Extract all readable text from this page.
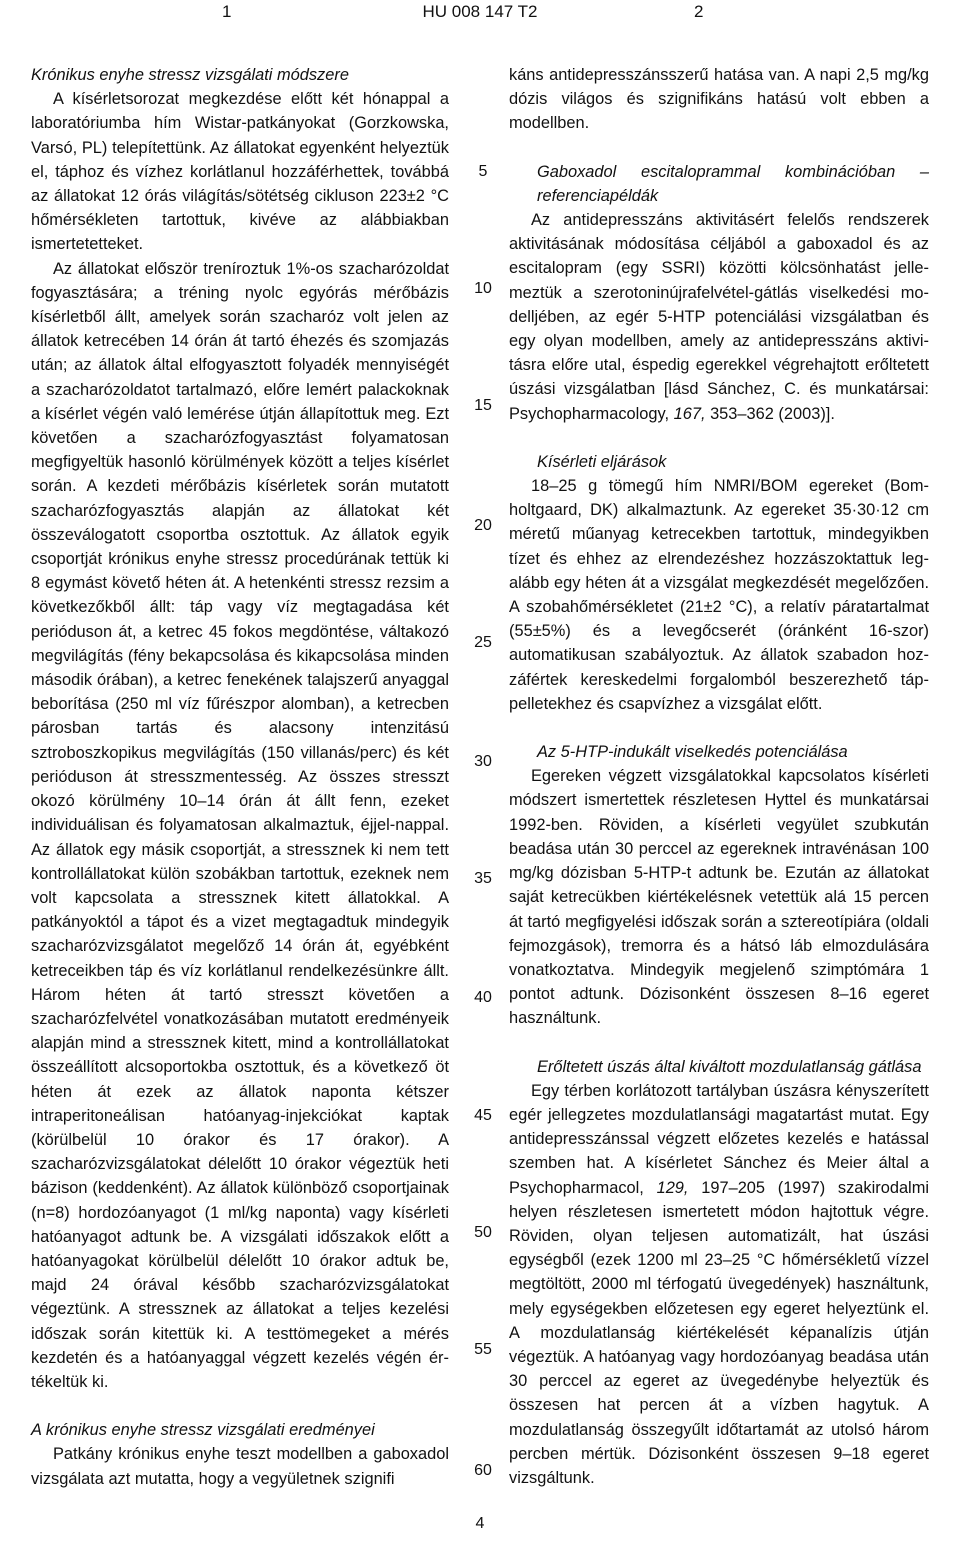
1	HU 008 147 T2	2
Krónikus enyhe stressz vizsgálati módszere

A kísérletsorozat megkezdése előtt két hónappal a laboratóriumba hím Wistar-patkányokat (Gorzkowska, Varsó, PL) telepítettünk. Az állatokat egyenként helyeztük el, táphoz és vízhez korlátlanul hozzáférhettek, továbbá az állatokat 12 órás világítás/sötétség cikluson 223±2 °C hőmérsékleten tartottuk, kivéve az alábbiakban ismertetetteket.

Az állatokat először treníroztuk 1%-os szacharózoldat fogyasztására; a tréning nyolc egyórás mérőbázis kísérletből állt, amelyek során szacharóz volt jelen az állatok ketrecében 14 órán át tartó éhezés és szomjazás után; az állatok által elfogyasztott folyadék mennyiségét a szacharózoldatot tartalmazó, előre lemért palackoknak a kísérlet végén való lemérése útján állapítottuk meg. Ezt követően a szacharózfogyasztást folyamatosan megfigyeltük hasonló körülmények között a teljes kísérlet során. A kezdeti mérőbázis kísérletek során mutatott szacharózfogyasztás alapján az állatokat két összeválogatott csoportba osztottuk. Az állatok egyik csoportját krónikus enyhe stressz procedúrának tettük ki 8 egymást követő héten át. A hetenkénti stressz rezsim a következőkből állt: táp vagy víz megtagadása két perióduson át, a ketrec 45 fokos megdöntése, váltakozó megvilágítás (fény bekapcsolása és kikapcsolása minden második órában), a ketrec fenekének talajszerű anyaggal beborítása (250 ml víz fűrészpor alomban), a ketrecben párosban tartás és alacsony intenzitású sztroboszkopikus megvilágítás (150 villanás/perc) és két perióduson át stresszmentesség. Az összes stresszt okozó körülmény 10–14 órán át állt fenn, ezeket individuálisan és folyamatosan alkalmaztuk, éjjel-nappal. Az állatok egy másik csoportját, a stressznek ki nem tett kontrollállatokat külön szobákban tartottuk, ezeknek nem volt kapcsolata a stressznek kitett állatokkal. A patkányoktól a tápot és a vizet megtagadtuk mindegyik szacharózvizsgálatot megelőző 14 órán át, egyébként ketreceikben táp és víz korlátlanul rendelkezésünkre állt. Három héten át tartó stresszt követően a szacharózfelvétel vonatkozásában mutatott eredményeik alapján mind a stressznek kitett, mind a kontrollállatokat összeállított alcsoportokba osztottuk, és a következő öt héten át ezek az állatok naponta kétszer intraperitoneálisan hatóanyag-injekciókat kaptak (körülbelül 10 órakor és 17 órakor). A szacharózvizsgálatokat délelőtt 10 órakor végeztük heti bázison (keddenként). Az állatok különböző csoportjainak (n=8) hordozóanyagot (1 ml/kg naponta) vagy kísérleti hatóanyagot adtunk be. A vizsgálati időszakok előtt a hatóanyagokat körülbelül délelőtt 10 órakor adtuk be, majd 24 órával később szacharózvizsgálatokat végeztünk. A stressznek az állatokat a teljes kezelési időszak során kitettük ki. A testtömegeket a mérés kezdetén és a hatóanyaggal végzett kezelés végén értékeltük ki.

A krónikus enyhe stressz vizsgálati eredményei

Patkány krónikus enyhe teszt modellben a gaboxadol vizsgálata azt mutatta, hogy a vegyületnek szignifi

káns antidepresszánsszerű hatása van. A napi 2,5 mg/kg dózis világos és szignifikáns hatású volt ebben a modellben.

Gaboxadol escitaloprammal kombinációban – referenciapéldák

Az antidepresszáns aktivitásért felelős rendszerek aktivitásának módosítása céljából a gaboxadol és az escitalopram (egy SSRI) közötti kölcsönhatást jellemeztük a szerotoninújrafelvétel-gátlás viselkedési modelljében, az egér 5-HTP potenciálási vizsgálatban és egy olyan modellben, amely az antidepresszáns aktivitásra előre utal, éspedig egerekkel végrehajtott erőltetett úszási vizsgálatban [lásd Sánchez, C. és munkatársai: Psychopharmacology, 167, 353–362 (2003)].

Kísérleti eljárások

18–25 g tömegű hím NMRI/BOM egereket (Bomholtgaard, DK) alkalmaztunk. Az egereket 35·30·12 cm méretű műanyag ketrecekben tartottuk, mindegyikben tízet és ehhez az elrendezéshez hozzászoktattuk legalább egy héten át a vizsgálat megkezdését megelőzően. A szobahőmérsékletet (21±2 °C), a relatív páratartalmat (55±5%) és a levegőcserét (óránként 16-szor) automatikusan szabályoztuk. Az állatok szabadon hozzáfértek kereskedelmi forgalomból beszerezhető táppelletekhez és csapvízhez a vizsgálat előtt.

Az 5-HTP-indukált viselkedés potenciálása

Egereken végzett vizsgálatokkal kapcsolatos kísérleti módszert ismertettek részletesen Hyttel és munkatársai 1992-ben. Röviden, a kísérleti vegyület szubkután beadása után 30 perccel az egereknek intravénásan 100 mg/kg dózisban 5-HTP-t adtunk be. Ezután az állatokat saját ketrecükben kiértékelésnek vetettük alá 15 percen át tartó megfigyelési időszak során a sztereotípiára (oldali fejmozgások), tremorra és a hátsó láb elmozdulására vonatkoztatva. Mindegyik megjelenő szimptómára 1 pontot adtunk. Dózisonként összesen 8–16 egeret használtunk.

Erőltetett úszás által kiváltott mozdulatlanság gátlása

Egy térben korlátozott tartályban úszásra kényszerített egér jellegzetes mozdulatlansági magatartást mutat. Egy antidepresszánssal végzett előzetes kezelés e hatással szemben hat. A kísérletet Sánchez és Meier által a Psychopharmacol, 129, 197–205 (1997) szakirodalmi helyen részletesen ismertetett módon hajtottuk végre. Röviden, olyan teljesen automatizált, hat úszási egységből (ezek 1200 ml 23–25 °C hőmérsékletű vízzel megtöltött, 2000 ml térfogatú üvegedények) használtunk, mely egységekben előzetesen egy egeret helyeztünk el. A mozdulatlanság kiértékelését képanalízis útján végeztük. A hatóanyag vagy hordozóanyag beadása után 30 perccel az egeret az üvegedénybe helyeztük és összesen hat percen át a vízben hagytuk. A mozdulatlanság összegyűlt időtartamát az utolsó három percben mértük. Dózisonként összesen 9–18 egeret vizsgáltunk.

5
10
15
20
25
30
35
40
45
50
55
60
4
